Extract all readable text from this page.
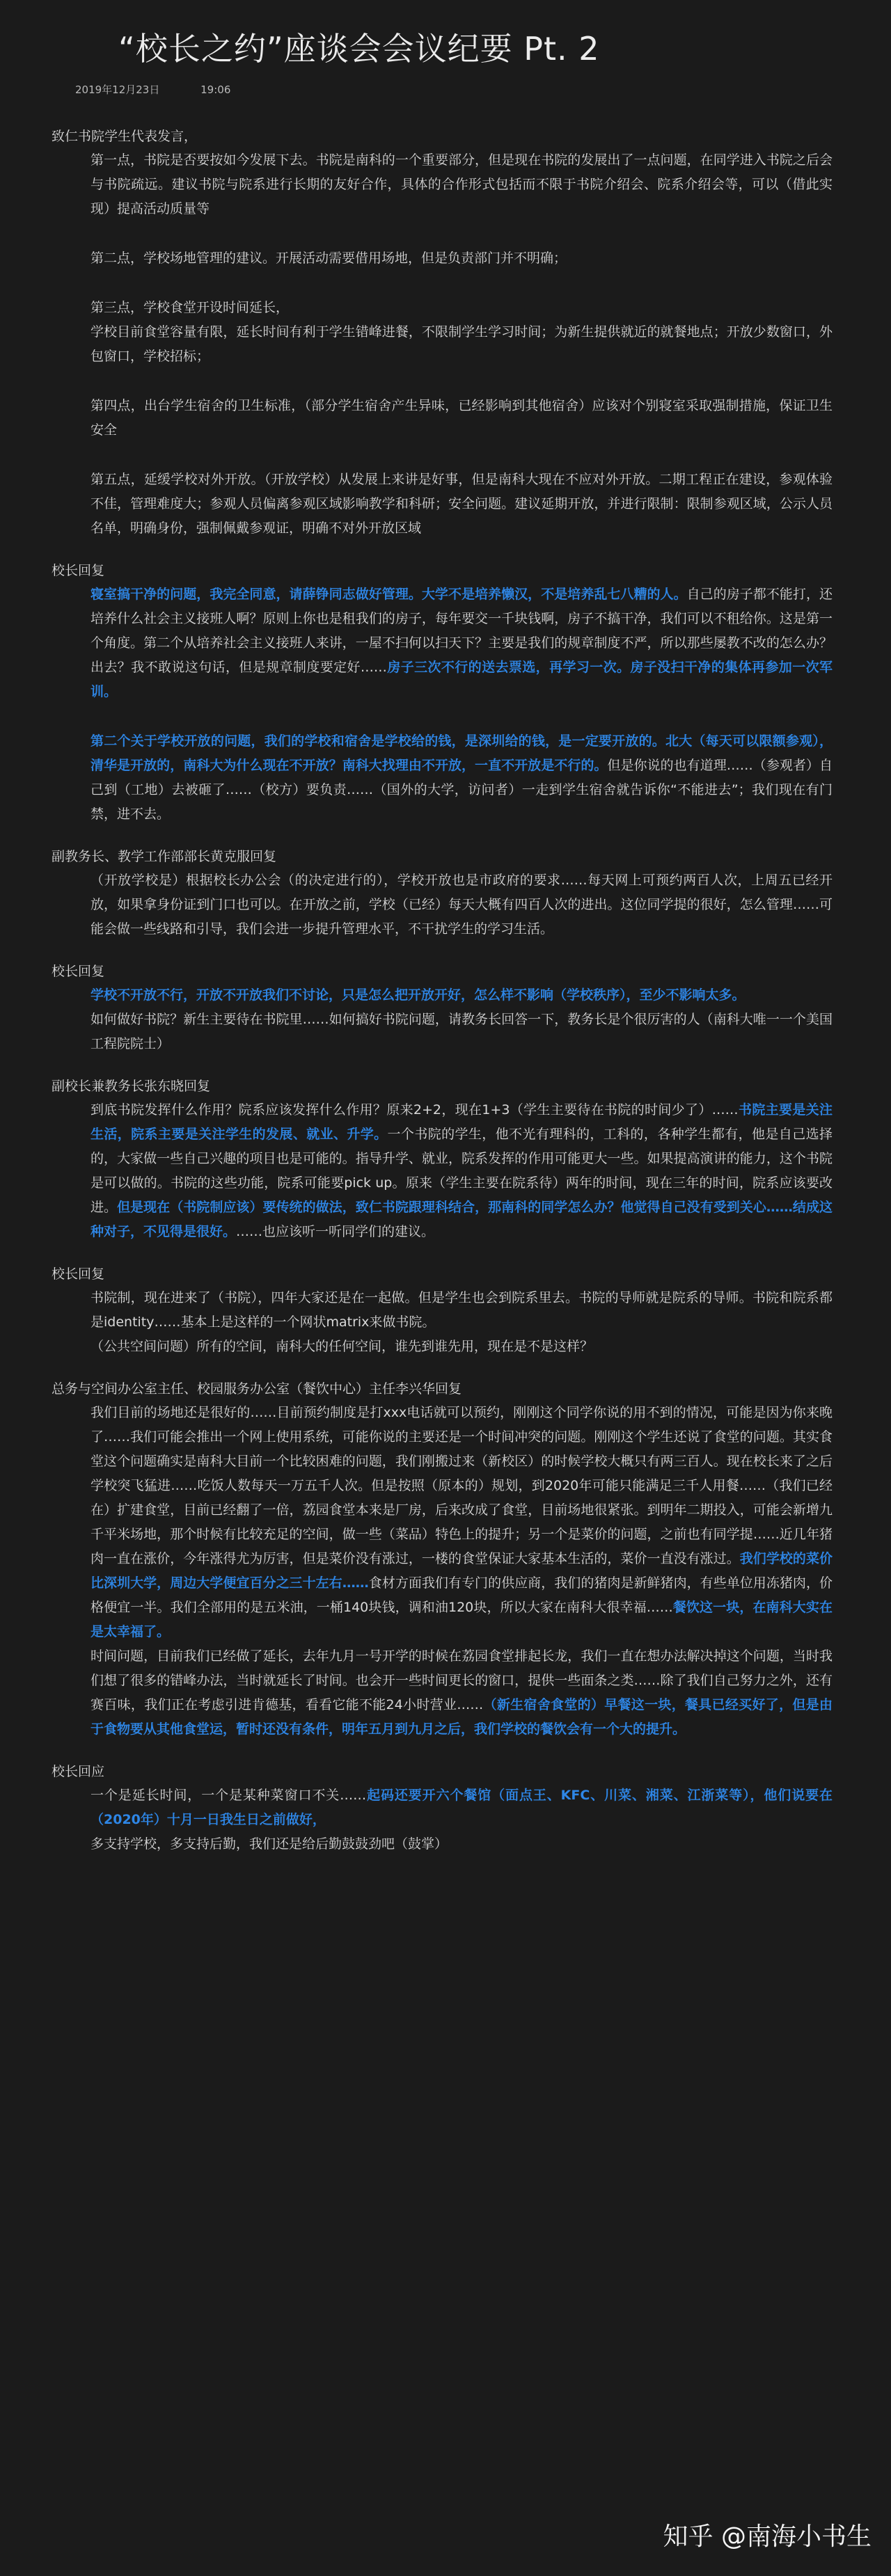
“校长之约”座谈会会议纪要 Pt. 2
2019年12月23日	19:06
致仁书院学生代表发言，

第一点，书院是否要按如今发展下去。书院是南科的一个重要部分，但是现在书院的发展出了一点问题，在同学进入书院之后会与书院疏远。建议书院与院系进行长期的友好合作，具体的合作形式包括而不限于书院介绍会、院系介绍会等，可以（借此实现）提高活动质量等

第二点，学校场地管理的建议。开展活动需要借用场地，但是负责部门并不明确；

第三点，学校食堂开设时间延长，

学校目前食堂容量有限，延长时间有利于学生错峰进餐，不限制学生学习时间；为新生提供就近的就餐地点；开放少数窗口，外包窗口，学校招标；

第四点，出台学生宿舍的卫生标准，（部分学生宿舍产生异味，已经影响到其他宿舍）应该对个别寝室采取强制措施，保证卫生安全

第五点，延缓学校对外开放。（开放学校）从发展上来讲是好事，但是南科大现在不应对外开放。二期工程正在建设，参观体验不佳，管理难度大；参观人员偏离参观区域影响教学和科研；安全问题。建议延期开放，并进行限制：限制参观区域，公示人员名单，明确身份，强制佩戴参观证，明确不对外开放区域

校长回复

寝室搞干净的问题，我完全同意，请薛铮同志做好管理。大学不是培养懒汉，不是培养乱七八糟的人。自己的房子都不能打，还培养什么社会主义接班人啊？原则上你也是租我们的房子，每年要交一千块钱啊，房子不搞干净，我们可以不租给你。这是第一个角度。第二个从培养社会主义接班人来讲，一屋不扫何以扫天下？主要是我们的规章制度不严，所以那些屡教不改的怎么办？出去？我不敢说这句话，但是规章制度要定好……房子三次不行的送去票选，再学习一次。房子没扫干净的集体再参加一次军训。

第二个关于学校开放的问题，我们的学校和宿舍是学校给的钱，是深圳给的钱，是一定要开放的。北大（每天可以限额参观），清华是开放的，南科大为什么现在不开放？南科大找理由不开放，一直不开放是不行的。但是你说的也有道理……（参观者）自己到（工地）去被砸了……（校方）要负责……（国外的大学，访问者）一走到学生宿舍就告诉你“不能进去”；我们现在有门禁，进不去。

副教务长、教学工作部部长黄克服回复

（开放学校是）根据校长办公会（的决定进行的），学校开放也是市政府的要求……每天网上可预约两百人次，上周五已经开放，如果拿身份证到门口也可以。在开放之前，学校（已经）每天大概有四百人次的进出。这位同学提的很好，怎么管理……可能会做一些线路和引导，我们会进一步提升管理水平，不干扰学生的学习生活。

校长回复

学校不开放不行，开放不开放我们不讨论，只是怎么把开放开好，怎么样不影响（学校秩序），至少不影响太多。

如何做好书院？新生主要待在书院里……如何搞好书院问题，请教务长回答一下，教务长是个很厉害的人（南科大唯一一个美国工程院院士）

副校长兼教务长张东晓回复

到底书院发挥什么作用？院系应该发挥什么作用？原来2+2，现在1+3（学生主要待在书院的时间少了）……书院主要是关注生活，院系主要是关注学生的发展、就业、升学。一个书院的学生，他不光有理科的，工科的，各种学生都有，他是自己选择的，大家做一些自己兴趣的项目也是可能的。指导升学、就业，院系发挥的作用可能更大一些。如果提高演讲的能力，这个书院是可以做的。书院的这些功能，院系可能要pick up。原来（学生主要在院系待）两年的时间，现在三年的时间，院系应该要改进。但是现在（书院制应该）要传统的做法，致仁书院跟理科结合，那南科的同学怎么办？他觉得自己没有受到关心……结成这种对子，不见得是很好。……也应该听一听同学们的建议。

校长回复

书院制，现在进来了（书院），四年大家还是在一起做。但是学生也会到院系里去。书院的导师就是院系的导师。书院和院系都是identity……基本上是这样的一个网状matrix来做书院。

（公共空间问题）所有的空间，南科大的任何空间，谁先到谁先用，现在是不是这样？

总务与空间办公室主任、校园服务办公室（餐饮中心）主任李兴华回复

我们目前的场地还是很好的……目前预约制度是打xxx电话就可以预约，刚刚这个同学你说的用不到的情况，可能是因为你来晚了……我们可能会推出一个网上使用系统，可能你说的主要还是一个时间冲突的问题。刚刚这个学生还说了食堂的问题。其实食堂这个问题确实是南科大目前一个比较困难的问题，我们刚搬过来（新校区）的时候学校大概只有两三百人。现在校长来了之后学校突飞猛进……吃饭人数每天一万五千人次。但是按照（原本的）规划，到2020年可能只能满足三千人用餐……（我们已经在）扩建食堂，目前已经翻了一倍，荔园食堂本来是厂房，后来改成了食堂，目前场地很紧张。到明年二期投入，可能会新增九千平米场地，那个时候有比较充足的空间，做一些（菜品）特色上的提升；另一个是菜价的问题，之前也有同学提……近几年猪肉一直在涨价，今年涨得尤为厉害，但是菜价没有涨过，一楼的食堂保证大家基本生活的，菜价一直没有涨过。我们学校的菜价比深圳大学，周边大学便宜百分之三十左右……食材方面我们有专门的供应商，我们的猪肉是新鲜猪肉，有些单位用冻猪肉，价格便宜一半。我们全部用的是五米油，一桶140块钱，调和油120块，所以大家在南科大很幸福……餐饮这一块，在南科大实在是太幸福了。

时间问题，目前我们已经做了延长，去年九月一号开学的时候在荔园食堂排起长龙，我们一直在想办法解决掉这个问题，当时我们想了很多的错峰办法，当时就延长了时间。也会开一些时间更长的窗口，提供一些面条之类……除了我们自己努力之外，还有赛百味，我们正在考虑引进肯德基，看看它能不能24小时营业……（新生宿舍食堂的）早餐这一块，餐具已经买好了，但是由于食物要从其他食堂运，暂时还没有条件，明年五月到九月之后，我们学校的餐饮会有一个大的提升。

校长回应

一个是延长时间，一个是某种菜窗口不关……起码还要开六个餐馆（面点王、KFC、川菜、湘菜、江浙菜等），他们说要在（2020年）十月一日我生日之前做好，

多支持学校，多支持后勤，我们还是给后勤鼓鼓劲吧（鼓掌）

知乎 @南海小书生
